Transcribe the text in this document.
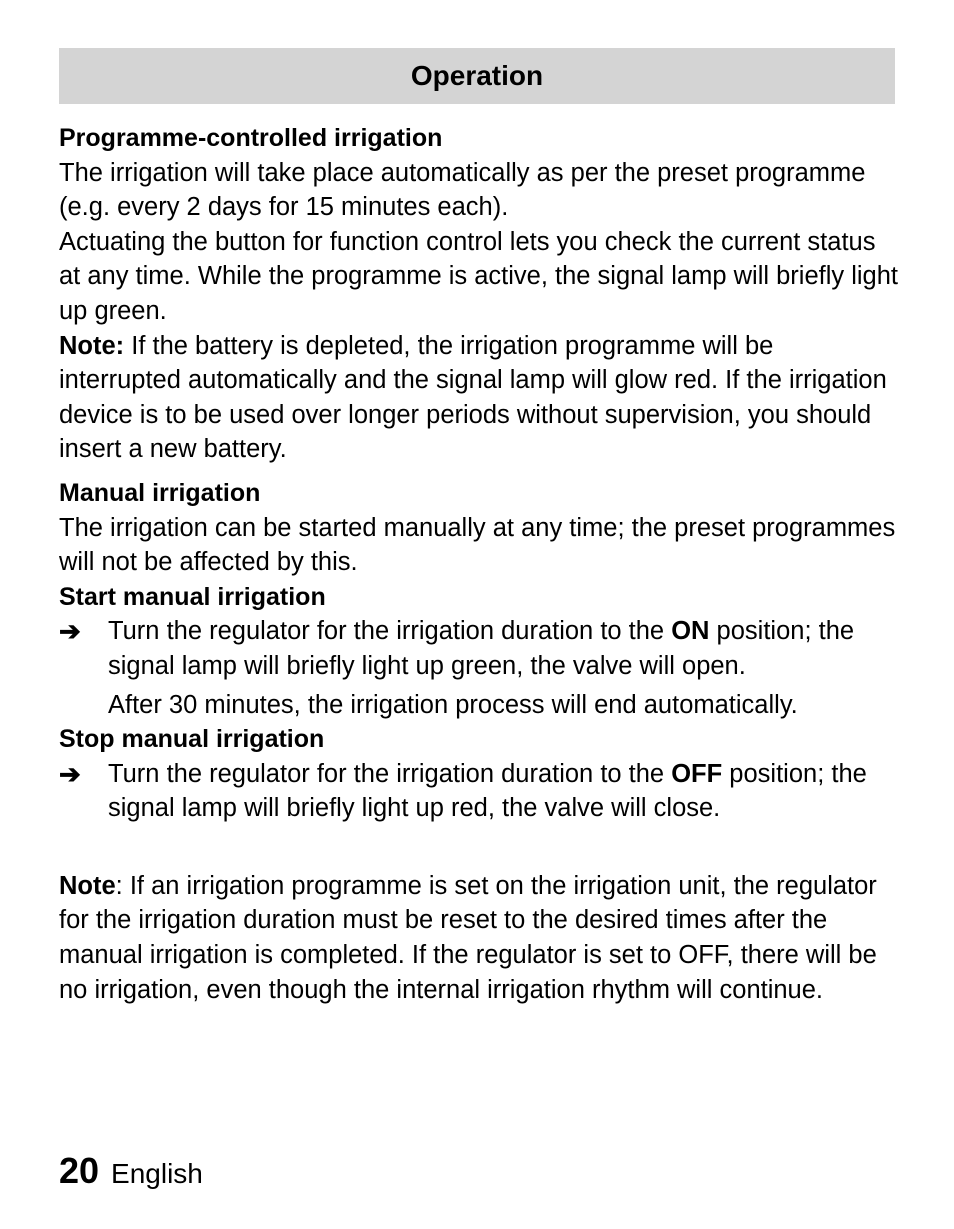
Operation
Programme-controlled irrigation

The irrigation will take place automatically as per the preset programme (e.g. every 2 days for 15 minutes each).

Actuating the button for function control lets you check the current status at any time. While the programme is active, the signal lamp will briefly light up green.

Note: If the battery is depleted, the irrigation programme will be interrupted automatically and the signal lamp will glow red. If the irrigation device is to be used over longer periods without supervision, you should insert a new battery.

Manual irrigation

The irrigation can be started manually at any time; the preset programmes will not be affected by this.

Start manual irrigation
➔ Turn the regulator for the irrigation duration to the ON position; the signal lamp will briefly light up green, the valve will open.
After 30 minutes, the irrigation process will end automatically.
Stop manual irrigation
➔ Turn the regulator for the irrigation duration to the OFF position; the signal lamp will briefly light up red, the valve will close.

Note: If an irrigation programme is set on the irrigation unit, the regulator for the irrigation duration must be reset to the desired times after the manual irrigation is completed. If the regulator is set to OFF, there will be no irrigation, even though the internal irrigation rhythm will continue.

20 English
